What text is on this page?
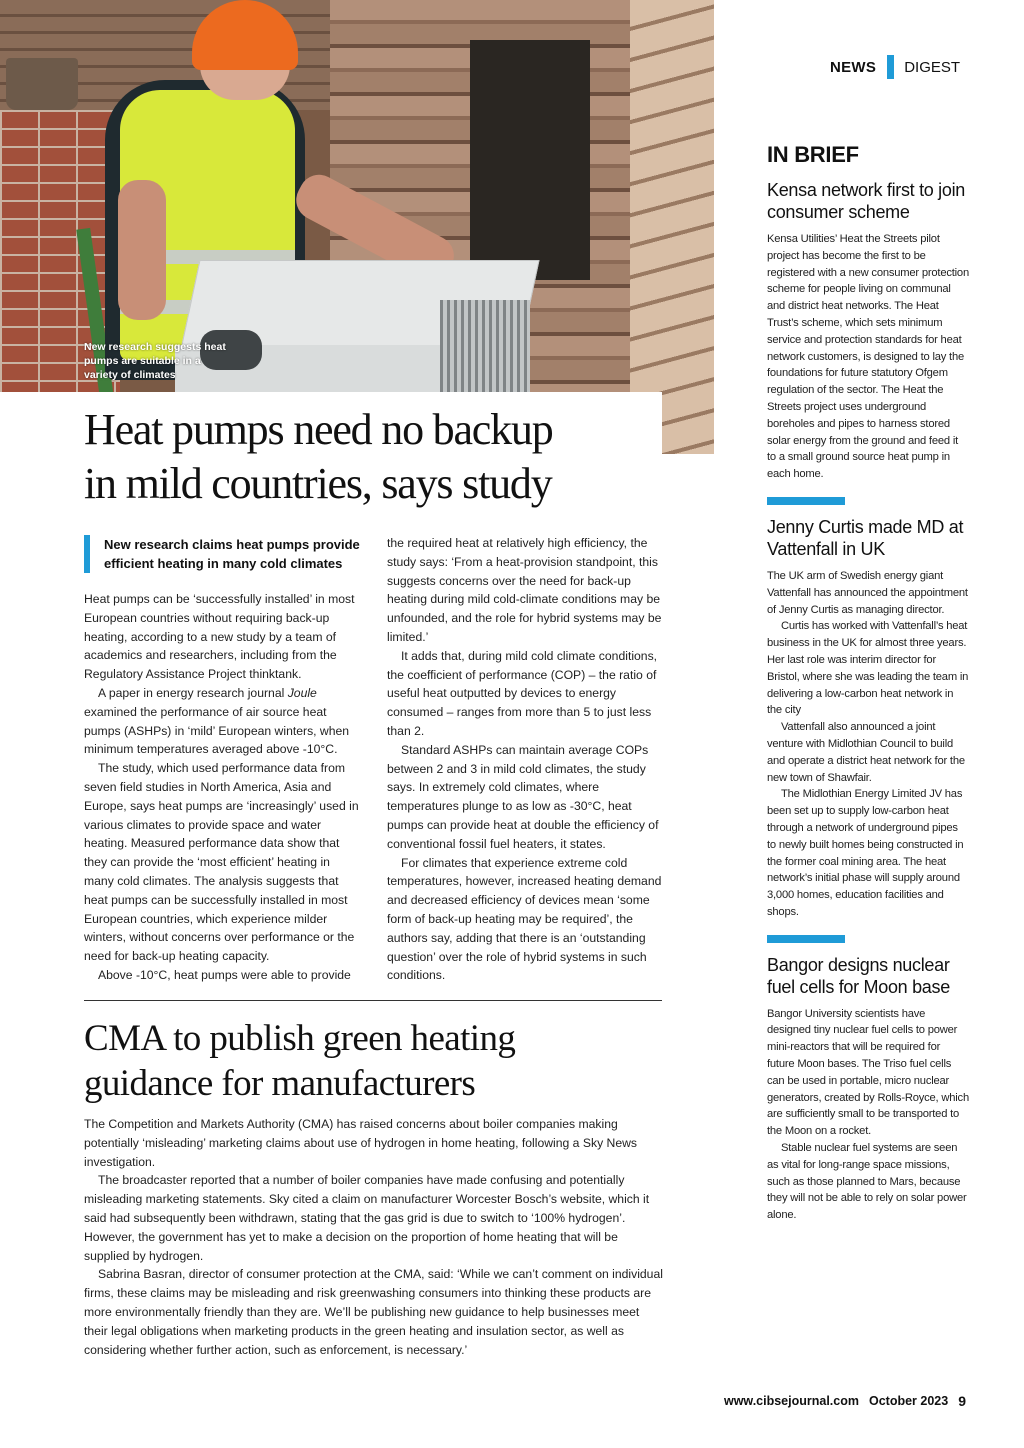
New research suggests heat pumps are suitable in a variety of climates
NEWS DIGEST
Heat pumps need no backup
in mild countries, says study
New research claims heat pumps provide efficient heating in many cold climates

Heat pumps can be ‘successfully installed’ in most European countries without requiring back-up heating, according to a new study by a team of academics and researchers, including from the Regulatory Assistance Project thinktank.

A paper in energy research journal Joule examined the performance of air source heat pumps (ASHPs) in ‘mild’ European winters, when minimum temperatures averaged above -10°C.

The study, which used performance data from seven field studies in North America, Asia and Europe, says heat pumps are ‘increasingly’ used in various climates to provide space and water heating. Measured performance data show that they can provide the ‘most efficient’ heating in many cold climates. The analysis suggests that heat pumps can be successfully installed in most European countries, which experience milder winters, without concerns over performance or the need for back-up heating capacity.

Above -10°C, heat pumps were able to provide

the required heat at relatively high efficiency, the study says: ‘From a heat-provision standpoint, this suggests concerns over the need for back-up heating during mild cold-climate conditions may be unfounded, and the role for hybrid systems may be limited.’

It adds that, during mild cold climate conditions, the coefficient of performance (COP) – the ratio of useful heat outputted by devices to energy consumed – ranges from more than 5 to just less than 2.

Standard ASHPs can maintain average COPs between 2 and 3 in mild cold climates, the study says. In extremely cold climates, where temperatures plunge to as low as -30°C, heat pumps can provide heat at double the efficiency of conventional fossil fuel heaters, it states.

For climates that experience extreme cold temperatures, however, increased heating demand and decreased efficiency of devices mean ‘some form of back-up heating may be required’, the authors say, adding that there is an ‘outstanding question’ over the role of hybrid systems in such conditions.

CMA to publish green heating
guidance for manufacturers

The Competition and Markets Authority (CMA) has raised concerns about boiler companies making potentially ‘misleading’ marketing claims about use of hydrogen in home heating, following a Sky News investigation.

The broadcaster reported that a number of boiler companies have made confusing and potentially misleading marketing statements. Sky cited a claim on manufacturer Worcester Bosch’s website, which it said had subsequently been withdrawn, stating that the gas grid is due to switch to ‘100% hydrogen’. However, the government has yet to make a decision on the proportion of home heating that will be supplied by hydrogen.

Sabrina Basran, director of consumer protection at the CMA, said: ‘While we can’t comment on individual firms, these claims may be misleading and risk greenwashing consumers into thinking these products are more environmentally friendly than they are. We’ll be publishing new guidance to help businesses meet their legal obligations when marketing products in the green heating and insulation sector, as well as considering whether further action, such as enforcement, is necessary.’

IN BRIEF
Kensa network first to join consumer scheme

Kensa Utilities’ Heat the Streets pilot project has become the first to be registered with a new consumer protection scheme for people living on communal and district heat networks. The Heat Trust’s scheme, which sets minimum service and protection standards for heat network customers, is designed to lay the foundations for future statutory Ofgem regulation of the sector. The Heat the Streets project uses underground boreholes and pipes to harness stored solar energy from the ground and feed it to a small ground source heat pump in each home.

Jenny Curtis made MD at Vattenfall in UK

The UK arm of Swedish energy giant Vattenfall has announced the appointment of Jenny Curtis as managing director.

Curtis has worked with Vattenfall’s heat business in the UK for almost three years. Her last role was interim director for Bristol, where she was leading the team in delivering a low-carbon heat network in the city

Vattenfall also announced a joint venture with Midlothian Council to build and operate a district heat network for the new town of Shawfair.

The Midlothian Energy Limited JV has been set up to supply low-carbon heat through a network of underground pipes to newly built homes being constructed in the former coal mining area. The heat network’s initial phase will supply around 3,000 homes, education facilities and shops.

Bangor designs nuclear fuel cells for Moon base

Bangor University scientists have designed tiny nuclear fuel cells to power mini-reactors that will be required for future Moon bases. The Triso fuel cells can be used in portable, micro nuclear generators, created by Rolls-Royce, which are sufficiently small to be transported to the Moon on a rocket.

Stable nuclear fuel systems are seen as vital for long-range space missions, such as those planned to Mars, because they will not be able to rely on solar power alone.

www.cibsejournal.com October 2023 9
